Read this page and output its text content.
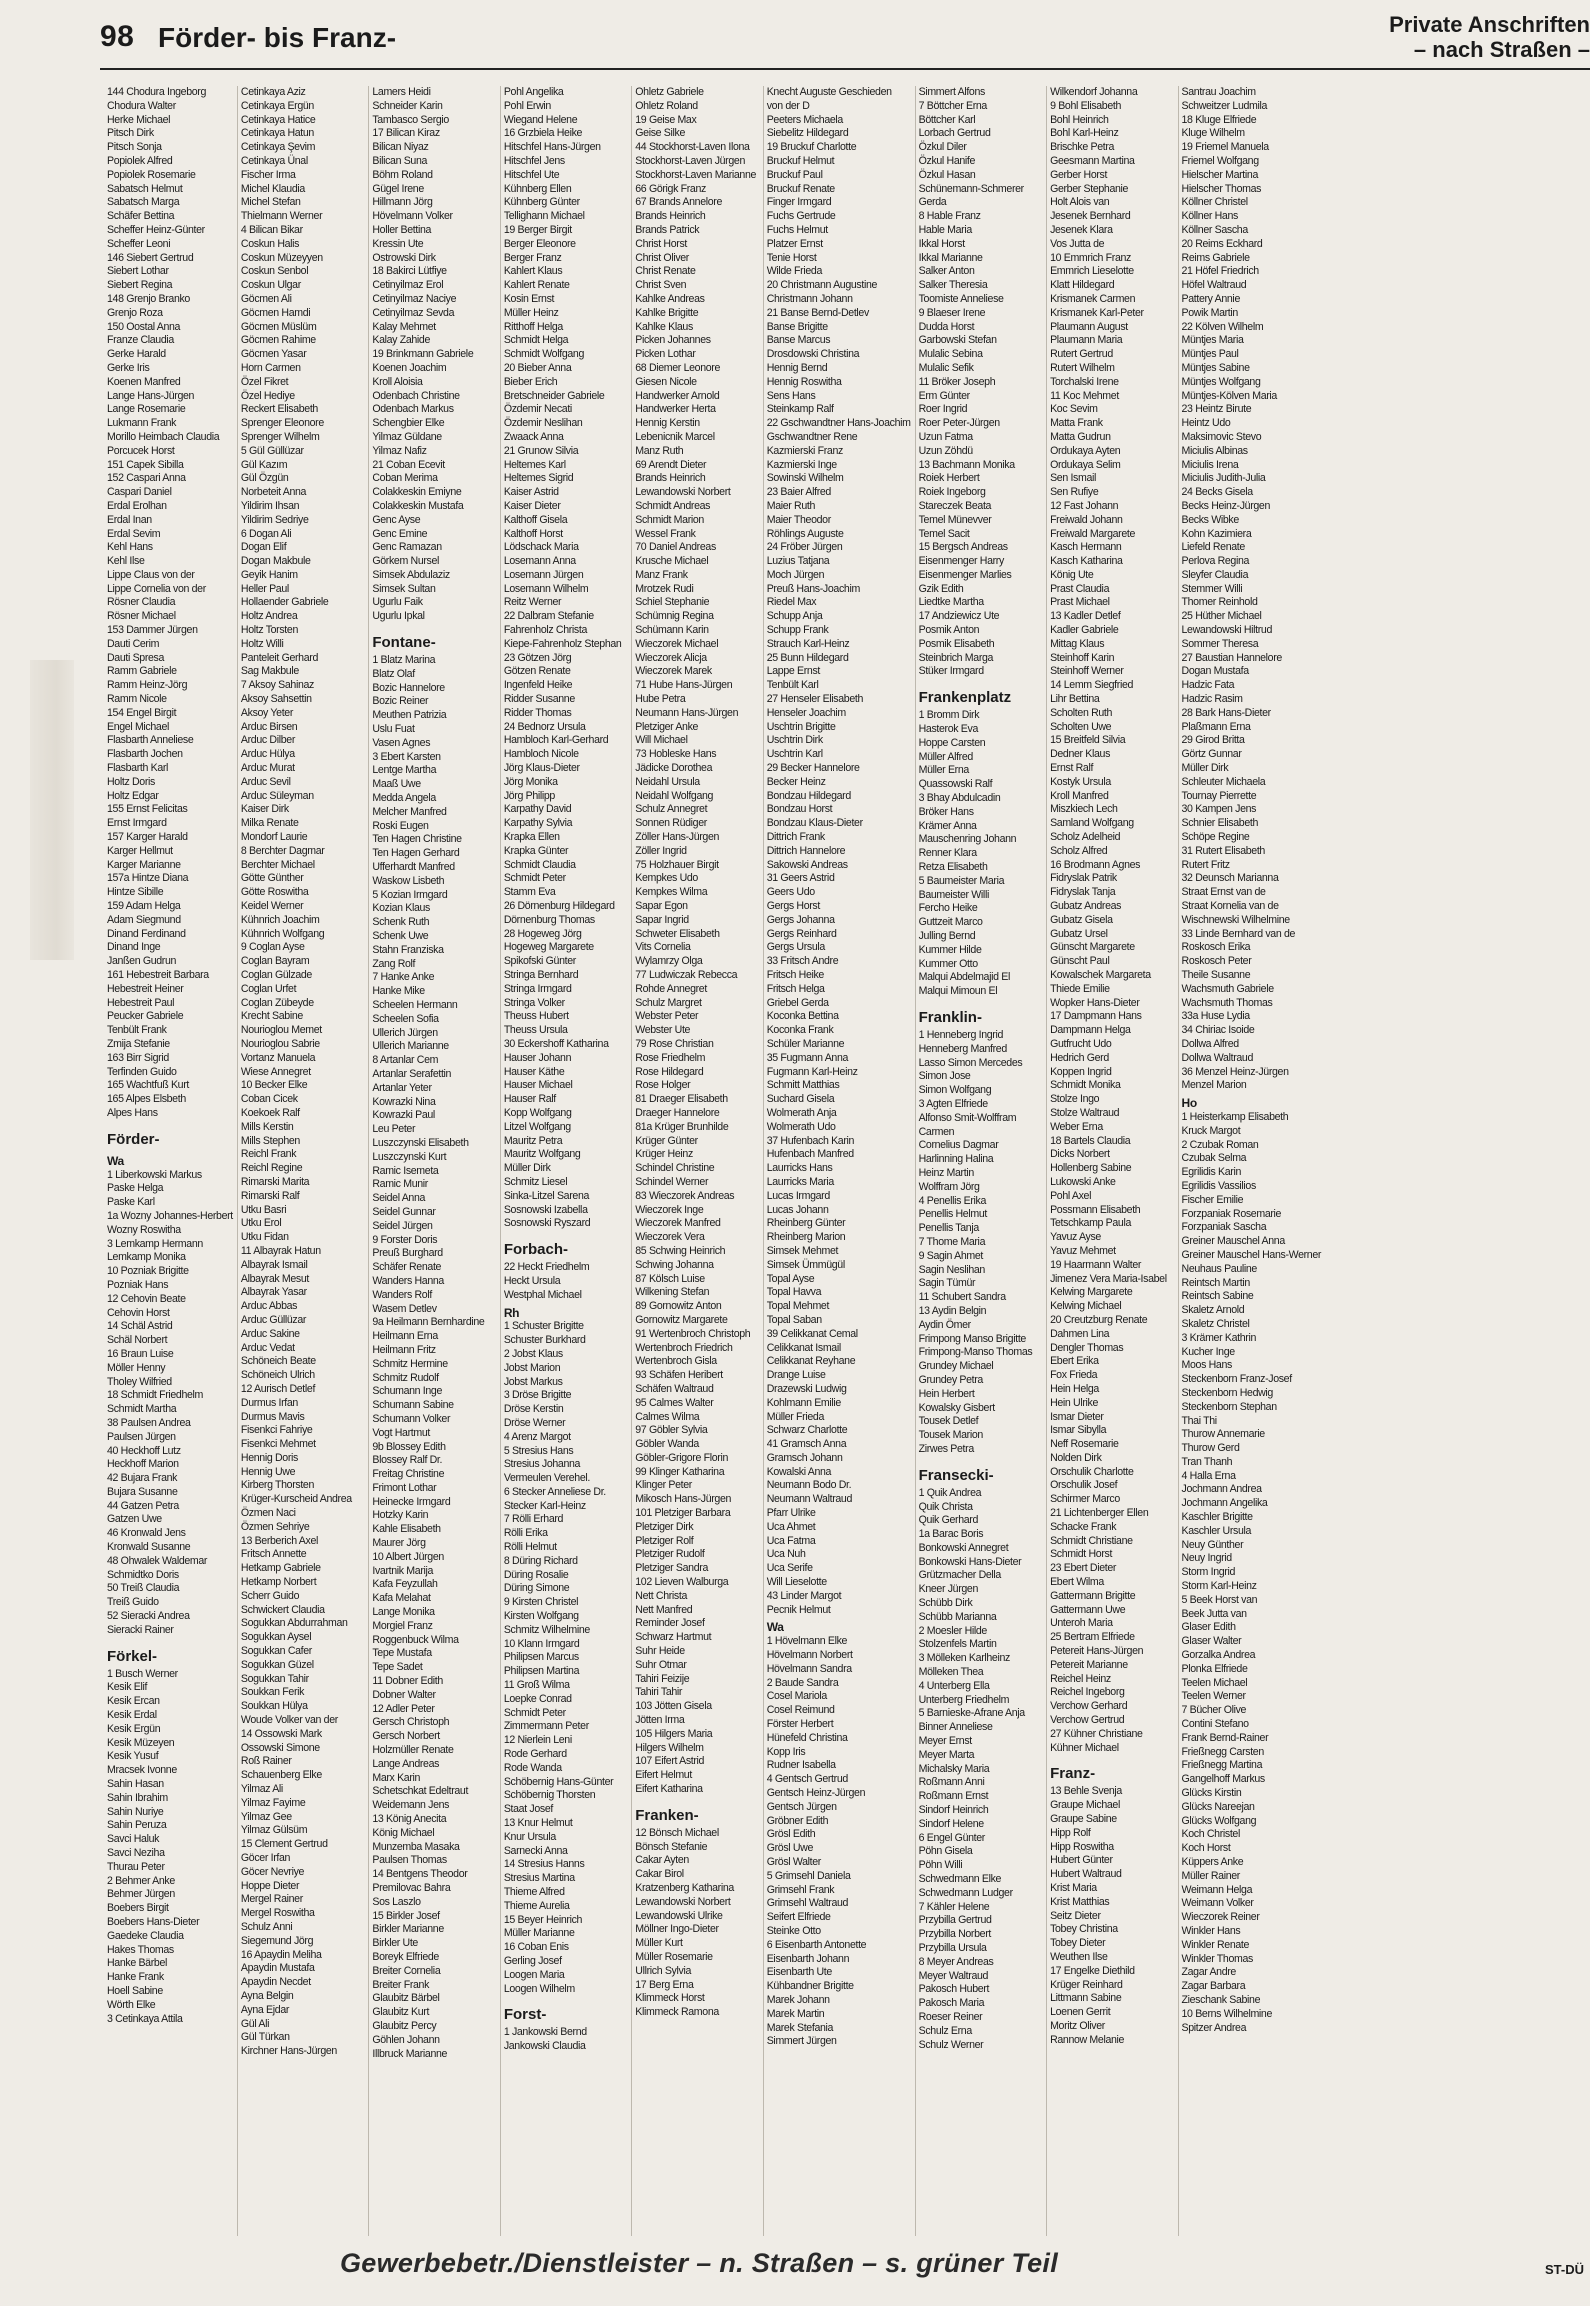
98 Förder- bis Franz-	Private Anschriften
– nach Straßen –
144 Chodura Ingeborg
Chodura Walter
Herke Michael
Pitsch Dirk
Pitsch Sonja
Popiolek Alfred
Popiolek Rosemarie
Sabatsch Helmut
Sabatsch Marga
Schäfer Bettina
Scheffer Heinz-Günter
Scheffer Leoni
146 Siebert Gertrud
Siebert Lothar
Siebert Regina
148 Grenjo Branko
Grenjo Roza
150 Oostal Anna
Franze Claudia
Gerke Harald
Gerke Iris
Koenen Manfred
Lange Hans-Jürgen
Lange Rosemarie
Lukmann Frank
Morillo Heimbach Claudia
Porcucek Horst
151 Capek Sibilla
152 Caspari Anna
Caspari Daniel
Erdal Erolhan
Erdal Inan
Erdal Sevim
Kehl Hans
Kehl Ilse
Lippe Claus von der
Lippe Cornelia von der
Rösner Claudia
Rösner Michael
153 Dammer Jürgen
Dauti Cerim
Dauti Spresa
Ramm Gabriele
Ramm Heinz-Jörg
Ramm Nicole
154 Engel Birgit
Engel Michael
Flasbarth Anneliese
Flasbarth Jochen
Flasbarth Karl
Holtz Doris
Holtz Edgar
155 Ernst Felicitas
Ernst Irmgard
157 Karger Harald
Karger Hellmut
Karger Marianne
157a Hintze Diana
Hintze Sibille
159 Adam Helga
Adam Siegmund
Dinand Ferdinand
Dinand Inge
Janßen Gudrun
161 Hebestreit Barbara
Hebestreit Heiner
Hebestreit Paul
Peucker Gabriele
Tenbült Frank
Zmija Stefanie
163 Birr Sigrid
Terfinden Guido
165 Wachtfuß Kurt
165 Alpes Elsbeth
Alpes Hans
Förder-
Wa
1 Liberkowski Markus
Paske Helga
Paske Karl
1a Wozny Johannes-Herbert
Wozny Roswitha
3 Lemkamp Hermann
Lemkamp Monika
10 Pozniak Brigitte
Pozniak Hans
12 Cehovin Beate
Cehovin Horst
14 Schäl Astrid
Schäl Norbert
16 Braun Luise
Möller Henny
Tholey Wilfried
18 Schmidt Friedhelm
Schmidt Martha
38 Paulsen Andrea
Paulsen Jürgen
40 Heckhoff Lutz
Heckhoff Marion
42 Bujara Frank
Bujara Susanne
44 Gatzen Petra
Gatzen Uwe
46 Kronwald Jens
Kronwald Susanne
48 Ohwalek Waldemar
Schmidtko Doris
50 Treiß Claudia
Treiß Guido
52 Sieracki Andrea
Sieracki Rainer
Förkel-
1 Busch Werner
Kesik Elif
Kesik Ercan
Kesik Erdal
Kesik Ergün
Kesik Müzeyen
Kesik Yusuf
Mracsek Ivonne
Sahin Hasan
Sahin Ibrahim
Sahin Nuriye
Sahin Peruza
Savci Haluk
Savci Neziha
Thurau Peter
2 Behmer Anke
Behmer Jürgen
Boebers Birgit
Boebers Hans-Dieter
Gaedeke Claudia
Hakes Thomas
Hanke Bärbel
Hanke Frank
Hoell Sabine
Wörth Elke
3 Cetinkaya Attila
Cetinkaya Aziz
Cetinkaya Ergün
Cetinkaya Hatice
Cetinkaya Hatun
Cetinkaya Şevim
Cetinkaya Ünal
Fischer Irma
Michel Klaudia
Michel Stefan
Thielmann Werner
4 Bilican Bikar
Coskun Halis
Coskun Müzeyyen
Coskun Senbol
Coskun Ulgar
Göcmen Ali
Göcmen Hamdi
Göcmen Müslüm
Göcmen Rahime
Göcmen Yasar
Horn Carmen
Özel Fikret
Özel Hediye
Reckert Elisabeth
Sprenger Eleonore
Sprenger Wilhelm
5 Gül Güllüzar
Gül Kazım
Gül Özgün
Norbeteit Anna
Yildirim Ihsan
Yildirim Sedriye
6 Dogan Ali
Dogan Elif
Dogan Makbule
Geyik Hanim
Heller Paul
Hollaender Gabriele
Holtz Andrea
Holtz Torsten
Holtz Willi
Panteleit Gerhard
Sag Makbule
7 Aksoy Sahinaz
Aksoy Sahsettin
Aksoy Yeter
Arduc Birsen
Arduc Dilber
Arduc Hülya
Arduc Murat
Arduc Sevil
Arduc Süleyman
Kaiser Dirk
Milka Renate
Mondorf Laurie
8 Berchter Dagmar
Berchter Michael
Götte Günther
Götte Roswitha
Keidel Werner
Kühnrich Joachim
Kühnrich Wolfgang
9 Coglan Ayse
Coglan Bayram
Coglan Gülzade
Coglan Urfet
Coglan Zübeyde
Krecht Sabine
Nourioglou Memet
Nourioglou Sabrie
Vortanz Manuela
Wiese Annegret
10 Becker Elke
Coban Cicek
Koekoek Ralf
Mills Kerstin
Mills Stephen
Reichl Frank
Reichl Regine
Rimarski Marita
Rimarski Ralf
Utku Basri
Utku Erol
Utku Fidan
11 Albayrak Hatun
Albayrak Ismail
Albayrak Mesut
Albayrak Yasar
Arduc Abbas
Arduc Güllüzar
Arduc Sakine
Arduc Vedat
Schöneich Beate
Schöneich Ulrich
12 Aurisch Detlef
Durmus Irfan
Durmus Mavis
Fisenkci Fahriye
Fisenkci Mehmet
Hennig Doris
Hennig Uwe
Kirberg Thorsten
Krüger-Kurscheid Andrea
Özmen Naci
Özmen Sehriye
13 Berberich Axel
Fritsch Annette
Hetkamp Gabriele
Hetkamp Norbert
Scherr Guido
Schwickert Claudia
Sogukkan Abdurrahman
Sogukkan Aysel
Sogukkan Cafer
Sogukkan Güzel
Sogukkan Tahir
Soukkan Ferik
Soukkan Hülya
Woude Volker van der
14 Ossowski Mark
Ossowski Simone
Roß Rainer
Schauenberg Elke
Yilmaz Ali
Yilmaz Fayime
Yilmaz Gee
Yilmaz Gülsüm
15 Clement Gertrud
Göcer Irfan
Göcer Nevriye
Hoppe Dieter
Mergel Rainer
Mergel Roswitha
Schulz Anni
Siegemund Jörg
16 Apaydin Meliha
Apaydin Mustafa
Apaydin Necdet
Ayna Belgin
Ayna Ejdar
Gül Ali
Gül Türkan
Kirchner Hans-Jürgen
Lamers Heidi
Schneider Karin
Tambasco Sergio
17 Bilican Kiraz
Bilican Niyaz
Bilican Suna
Böhm Roland
Gügel Irene
Hillmann Jörg
Hövelmann Volker
Holler Bettina
Kressin Ute
Ostrowski Dirk
18 Bakirci Lütfiye
Cetinyilmaz Erol
Cetinyilmaz Naciye
Cetinyilmaz Sevda
Kalay Mehmet
Kalay Zahide
19 Brinkmann Gabriele
Koenen Joachim
Kroll Aloisia
Odenbach Christine
Odenbach Markus
Schengbier Elke
Yilmaz Güldane
Yilmaz Nafiz
21 Coban Ecevit
Coban Merima
Colakkeskin Emiyne
Colakkeskin Mustafa
Genc Ayse
Genc Emine
Genc Ramazan
Görkem Nursel
Simsek Abdulaziz
Simsek Sultan
Ugurlu Faik
Ugurlu Ipkal
Fontane-
1 Blatz Marina
Blatz Olaf
Bozic Hannelore
Bozic Reiner
Meuthen Patrizia
Uslu Fuat
Vasen Agnes
3 Ebert Karsten
Lentge Martha
Maaß Uwe
Medda Angela
Melcher Manfred
Roski Eugen
Ten Hagen Christine
Ten Hagen Gerhard
Ufferhardt Manfred
Waskow Lisbeth
5 Kozian Irmgard
Kozian Klaus
Schenk Ruth
Schenk Uwe
Stahn Franziska
Zang Rolf
7 Hanke Anke
Hanke Mike
Scheelen Hermann
Scheelen Sofia
Ullerich Jürgen
Ullerich Marianne
8 Artanlar Cem
Artanlar Serafettin
Artanlar Yeter
Kowrazki Nina
Kowrazki Paul
Leu Peter
Luszczynski Elisabeth
Luszczynski Kurt
Ramic Isemeta
Ramic Munir
Seidel Anna
Seidel Gunnar
Seidel Jürgen
9 Forster Doris
Preuß Burghard
Schäfer Renate
Wanders Hanna
Wanders Rolf
Wasem Detlev
9a Heilmann Bernhardine
Heilmann Erna
Heilmann Fritz
Schmitz Hermine
Schmitz Rudolf
Schumann Inge
Schumann Sabine
Schumann Volker
Vogt Hartmut
9b Blossey Edith
Blossey Ralf Dr.
Freitag Christine
Frimont Lothar
Heinecke Irmgard
Hotzky Karin
Kahle Elisabeth
Maurer Jörg
10 Albert Jürgen
Ivartnik Marija
Kafa Feyzullah
Kafa Melahat
Lange Monika
Morgiel Franz
Roggenbuck Wilma
Tepe Mustafa
Tepe Sadet
11 Dobner Edith
Dobner Walter
12 Adler Peter
Gersch Christoph
Gersch Norbert
Holzmüller Renate
Lange Andreas
Marx Karin
Schetschkat Edeltraut
Weidemann Jens
13 König Anecita
König Michael
Munzemba Masaka
Paulsen Thomas
14 Bentgens Theodor
Premilovac Bahra
Sos Laszlo
15 Birkler Josef
Birkler Marianne
Birkler Ute
Boreyk Elfriede
Breiter Cornelia
Breiter Frank
Glaubitz Bärbel
Glaubitz Kurt
Glaubitz Percy
Göhlen Johann
Illbruck Marianne
Pohl Angelika
Pohl Erwin
Wiegand Helene
16 Grzbiela Heike
Hitschfel Hans-Jürgen
Hitschfel Jens
Hitschfel Ute
Kühnberg Ellen
Kühnberg Günter
Tellighann Michael
19 Berger Birgit
Berger Eleonore
Berger Franz
Kahlert Klaus
Kahlert Renate
Kosin Ernst
Müller Heinz
Ritthoff Helga
Schmidt Helga
Schmidt Wolfgang
20 Bieber Anna
Bieber Erich
Bretschneider Gabriele
Özdemir Necati
Özdemir Neslihan
Zwaack Anna
21 Grunow Silvia
Heltemes Karl
Heltemes Sigrid
Kaiser Astrid
Kaiser Dieter
Kalthoff Gisela
Kalthoff Horst
Lödschack Maria
Losemann Anna
Losemann Jürgen
Losemann Wilhelm
Reitz Werner
22 Dalbram Stefanie
Fahrenholz Christa
Kiepe-Fahrenholz Stephan
23 Götzen Jörg
Götzen Renate
Ingenfeld Heike
Ridder Susanne
Ridder Thomas
24 Bednorz Ursula
Hambloch Karl-Gerhard
Hambloch Nicole
Jörg Klaus-Dieter
Jörg Monika
Jörg Philipp
Karpathy David
Karpathy Sylvia
Krapka Ellen
Krapka Günter
Schmidt Claudia
Schmidt Peter
Stamm Eva
26 Dörnenburg Hildegard
Dörnenburg Thomas
28 Hogeweg Jörg
Hogeweg Margarete
Spikofski Günter
Stringa Bernhard
Stringa Irmgard
Stringa Volker
Theuss Hubert
Theuss Ursula
30 Eckershoff Katharina
Hauser Johann
Hauser Käthe
Hauser Michael
Hauser Ralf
Kopp Wolfgang
Litzel Wolfgang
Mauritz Petra
Mauritz Wolfgang
Müller Dirk
Schmitz Liesel
Sinka-Litzel Sarena
Sosnowski Izabella
Sosnowski Ryszard
Forbach-
22 Heckt Friedhelm
Heckt Ursula
Westphal Michael
Rh
1 Schuster Brigitte
Schuster Burkhard
2 Jobst Klaus
Jobst Marion
Jobst Markus
3 Dröse Brigitte
Dröse Kerstin
Dröse Werner
4 Arenz Margot
5 Stresius Hans
Stresius Johanna
Vermeulen Verehel.
6 Stecker Anneliese Dr.
Stecker Karl-Heinz
7 Rölli Erhard
Rölli Erika
Rölli Helmut
8 Düring Richard
Düring Rosalie
Düring Simone
9 Kirsten Christel
Kirsten Wolfgang
Schmitz Wilhelmine
10 Klann Irmgard
Philipsen Marcus
Philipsen Martina
11 Groß Wilma
Loepke Conrad
Schmidt Peter
Zimmermann Peter
12 Nierlein Leni
Rode Gerhard
Rode Wanda
Schöbernig Hans-Günter
Schöbernig Thorsten
Staat Josef
13 Knur Helmut
Knur Ursula
Sarnecki Anna
14 Stresius Hanns
Stresius Martina
Thieme Alfred
Thieme Aurelia
15 Beyer Heinrich
Müller Marianne
16 Coban Enis
Gerling Josef
Loogen Maria
Loogen Wilhelm
Forst-
1 Jankowski Bernd
Jankowski Claudia
Ohletz Gabriele
Ohletz Roland
19 Geise Max
Geise Silke
44 Stockhorst-Laven Ilona
Stockhorst-Laven Jürgen
Stockhorst-Laven Marianne
66 Görigk Franz
67 Brands Annelore
Brands Heinrich
Brands Patrick
Christ Horst
Christ Oliver
Christ Renate
Christ Sven
Kahlke Andreas
Kahlke Brigitte
Kahlke Klaus
Picken Johannes
Picken Lothar
68 Diemer Leonore
Giesen Nicole
Handwerker Arnold
Handwerker Herta
Hennig Kerstin
Lebenicnik Marcel
Manz Ruth
69 Arendt Dieter
Brands Heinrich
Lewandowski Norbert
Schmidt Andreas
Schmidt Marion
Wessel Frank
70 Daniel Andreas
Krusche Michael
Manz Frank
Mrotzek Rudi
Schiel Stephanie
Schümnig Regina
Schümann Karin
Wieczorek Michael
Wieczorek Alicja
Wieczorek Marek
71 Hube Hans-Jürgen
Hube Petra
Neumann Hans-Jürgen
Pletziger Anke
Will Michael
73 Hobleske Hans
Jädicke Dorothea
Neidahl Ursula
Neidahl Wolfgang
Schulz Annegret
Sonnen Rüdiger
Zöller Hans-Jürgen
Zöller Ingrid
75 Holzhauer Birgit
Kempkes Udo
Kempkes Wilma
Sapar Egon
Sapar Ingrid
Schweter Elisabeth
Vits Cornelia
Wylamrzy Olga
77 Ludwiczak Rebecca
Rohde Annegret
Schulz Margret
Webster Peter
Webster Ute
79 Rose Christian
Rose Friedhelm
Rose Hildegard
Rose Holger
81 Draeger Elisabeth
Draeger Hannelore
81a Krüger Brunhilde
Krüger Günter
Krüger Heinz
Schindel Christine
Schindel Werner
83 Wieczorek Andreas
Wieczorek Inge
Wieczorek Manfred
Wieczorek Vera
85 Schwing Heinrich
Schwing Johanna
87 Kölsch Luise
Wilkening Stefan
89 Gornowitz Anton
Gornowitz Margarete
91 Wertenbroch Christoph
Wertenbroch Friedrich
Wertenbroch Gisla
93 Schäfen Heribert
Schäfen Waltraud
95 Calmes Walter
Calmes Wilma
97 Göbler Sylvia
Göbler Wanda
Göbler-Grigore Florin
99 Klinger Katharina
Klinger Peter
Mikosch Hans-Jürgen
101 Pletziger Barbara
Pletziger Dirk
Pletziger Rolf
Pletziger Rudolf
Pletziger Sandra
102 Lieven Walburga
Nett Christa
Nett Manfred
Reminder Josef
Schwarz Hartmut
Suhr Heide
Suhr Otmar
Tahiri Feizije
Tahiri Tahir
103 Jötten Gisela
Jötten Irma
105 Hilgers Maria
Hilgers Wilhelm
107 Eifert Astrid
Eifert Helmut
Eifert Katharina
Franken-
12 Bönsch Michael
Bönsch Stefanie
Cakar Ayten
Cakar Birol
Kratzenberg Katharina
Lewandowski Norbert
Lewandowski Ulrike
Möllner Ingo-Dieter
Müller Kurt
Müller Rosemarie
Ullrich Sylvia
17 Berg Erna
Klimmeck Horst
Klimmeck Ramona
Knecht Auguste Geschieden
von der D
Peeters Michaela
Siebelitz Hildegard
19 Bruckuf Charlotte
Bruckuf Helmut
Bruckuf Paul
Bruckuf Renate
Finger Irmgard
Fuchs Gertrude
Fuchs Helmut
Platzer Ernst
Tenie Horst
Wilde Frieda
20 Christmann Augustine
Christmann Johann
21 Banse Bernd-Detlev
Banse Brigitte
Banse Marcus
Drosdowski Christina
Hennig Bernd
Hennig Roswitha
Sens Hans
Steinkamp Ralf
22 Gschwandtner Hans-Joachim
Gschwandtner Rene
Kazmierski Franz
Kazmierski Inge
Sowinski Wilhelm
23 Baier Alfred
Maier Ruth
Maier Theodor
Röhlings Auguste
24 Fröber Jürgen
Luzius Tatjana
Moch Jürgen
Preuß Hans-Joachim
Riedel Max
Schupp Anja
Schupp Frank
Strauch Karl-Heinz
25 Bunn Hildegard
Lappe Ernst
Tenbült Karl
27 Henseler Elisabeth
Henseler Joachim
Uschtrin Brigitte
Uschtrin Dirk
Uschtrin Karl
29 Becker Hannelore
Becker Heinz
Bondzau Hildegard
Bondzau Horst
Bondzau Klaus-Dieter
Dittrich Frank
Dittrich Hannelore
Sakowski Andreas
31 Geers Astrid
Geers Udo
Gergs Horst
Gergs Johanna
Gergs Reinhard
Gergs Ursula
33 Fritsch Andre
Fritsch Heike
Fritsch Helga
Griebel Gerda
Koconka Bettina
Koconka Frank
Schüler Marianne
35 Fugmann Anna
Fugmann Karl-Heinz
Schmitt Matthias
Suchard Gisela
Wolmerath Anja
Wolmerath Udo
37 Hufenbach Karin
Hufenbach Manfred
Laurricks Hans
Laurricks Maria
Lucas Irmgard
Lucas Johann
Rheinberg Günter
Rheinberg Marion
Simsek Mehmet
Simsek Ümmügül
Topal Ayse
Topal Havva
Topal Mehmet
Topal Saban
39 Celikkanat Cemal
Celikkanat Ismail
Celikkanat Reyhane
Drange Luise
Drazewski Ludwig
Kohlmann Emilie
Müller Frieda
Schwarz Charlotte
41 Gramsch Anna
Gramsch Johann
Kowalski Anna
Neumann Bodo Dr.
Neumann Waltraud
Pfarr Ulrike
Uca Ahmet
Uca Fatma
Uca Nuh
Uca Serife
Will Lieselotte
43 Linder Margot
Pecnik Helmut
Wa
1 Hövelmann Elke
Hövelmann Norbert
Hövelmann Sandra
2 Baude Sandra
Cosel Mariola
Cosel Reimund
Förster Herbert
Hünefeld Christina
Kopp Iris
Rudner Isabella
4 Gentsch Gertrud
Gentsch Heinz-Jürgen
Gentsch Jürgen
Gröbner Edith
Grösl Edith
Grösl Uwe
Grösl Walter
5 Grimsehl Daniela
Grimsehl Frank
Grimsehl Waltraud
Seifert Elfriede
Steinke Otto
6 Eisenbarth Antonette
Eisenbarth Johann
Eisenbarth Ute
Kühbandner Brigitte
Marek Johann
Marek Martin
Marek Stefania
Simmert Jürgen
Simmert Alfons
7 Böttcher Erna
Böttcher Karl
Lorbach Gertrud
Özkul Diler
Özkul Hanife
Özkul Hasan
Schünemann-Schmerer
Gerda
8 Hable Franz
Hable Maria
Ikkal Horst
Ikkal Marianne
Salker Anton
Salker Theresia
Toomiste Anneliese
9 Blaeser Irene
Dudda Horst
Garbowski Stefan
Mulalic Sebina
Mulalic Sefik
11 Bröker Joseph
Erm Günter
Roer Ingrid
Roer Peter-Jürgen
Uzun Fatma
Uzun Zöhdü
13 Bachmann Monika
Roiek Herbert
Roiek Ingeborg
Stareczek Beata
Temel Münevver
Temel Sacit
15 Bergsch Andreas
Eisenmenger Harry
Eisenmenger Marlies
Gzik Edith
Liedtke Martha
17 Andziewicz Ute
Posmik Anton
Posmik Elisabeth
Steinbrich Marga
Stüker Irmgard
Frankenplatz
1 Bromm Dirk
Hasterok Eva
Hoppe Carsten
Müller Alfred
Müller Erna
Quassowski Ralf
3 Bhay Abdulcadin
Bröker Hans
Krämer Anna
Mauschenring Johann
Renner Klara
Retza Elisabeth
5 Baumeister Maria
Baumeister Willi
Fercho Heike
Guttzeit Marco
Julling Bernd
Kummer Hilde
Kummer Otto
Malqui Abdelmajid El
Malqui Mimoun El
Franklin-
1 Henneberg Ingrid
Henneberg Manfred
Lasso Simon Mercedes
Simon Jose
Simon Wolfgang
3 Agten Elfriede
Alfonso Smit-Wolffram
Carmen
Cornelius Dagmar
Harlinning Halina
Heinz Martin
Wolffram Jörg
4 Penellis Erika
Penellis Helmut
Penellis Tanja
7 Thome Maria
9 Sagin Ahmet
Sagin Neslihan
Sagin Tümür
11 Schubert Sandra
13 Aydin Belgin
Aydin Ömer
Frimpong Manso Brigitte
Frimpong-Manso Thomas
Grundey Michael
Grundey Petra
Hein Herbert
Kowalsky Gisbert
Tousek Detlef
Tousek Marion
Zirwes Petra
Fransecki-
1 Quik Andrea
Quik Christa
Quik Gerhard
1a Barac Boris
Bonkowski Annegret
Bonkowski Hans-Dieter
Grützmacher Della
Kneer Jürgen
Schübb Dirk
Schübb Marianna
2 Moesler Hilde
Stolzenfels Martin
3 Mölleken Karlheinz
Mölleken Thea
4 Unterberg Ella
Unterberg Friedhelm
5 Barnieske-Afrane Anja
Binner Anneliese
Meyer Ernst
Meyer Marta
Michalsky Maria
Roßmann Anni
Roßmann Ernst
Sindorf Heinrich
Sindorf Helene
6 Engel Günter
Pöhn Gisela
Pöhn Willi
Schwedmann Elke
Schwedmann Ludger
7 Kähler Helene
Przybilla Gertrud
Przybilla Norbert
Przybilla Ursula
8 Meyer Andreas
Meyer Waltraud
Pakosch Hubert
Pakosch Maria
Roeser Reiner
Schulz Erna
Schulz Werner
Wilkendorf Johanna
9 Bohl Elisabeth
Bohl Heinrich
Bohl Karl-Heinz
Brischke Petra
Geesmann Martina
Gerber Horst
Gerber Stephanie
Holt Alois van
Jesenek Bernhard
Jesenek Klara
Vos Jutta de
10 Emmrich Franz
Emmrich Lieselotte
Klatt Hildegard
Krismanek Carmen
Krismanek Karl-Peter
Plaumann August
Plaumann Maria
Rutert Gertrud
Rutert Wilhelm
Torchalski Irene
11 Koc Mehmet
Koc Sevim
Matta Frank
Matta Gudrun
Ordukaya Ayten
Ordukaya Selim
Sen Ismail
Sen Rufiye
12 Fast Johann
Freiwald Johann
Freiwald Margarete
Kasch Hermann
Kasch Katharina
König Ute
Prast Claudia
Prast Michael
13 Kadler Detlef
Kadler Gabriele
Mittag Klaus
Steinhoff Karin
Steinhoff Werner
14 Lemm Siegfried
Lihr Bettina
Scholten Ruth
Scholten Uwe
15 Breitfeld Silvia
Dedner Klaus
Ernst Ralf
Kostyk Ursula
Kroll Manfred
Miszkiech Lech
Samland Wolfgang
Scholz Adelheid
Scholz Alfred
16 Brodmann Agnes
Fidryslak Patrik
Fidryslak Tanja
Gubatz Andreas
Gubatz Gisela
Gubatz Ursel
Günscht Margarete
Günscht Paul
Kowalschek Margareta
Thiede Emilie
Wopker Hans-Dieter
17 Dampmann Hans
Dampmann Helga
Gutfrucht Udo
Hedrich Gerd
Koppen Ingrid
Schmidt Monika
Stolze Ingo
Stolze Waltraud
Weber Erna
18 Bartels Claudia
Dicks Norbert
Hollenberg Sabine
Lukowski Anke
Pohl Axel
Possmann Elisabeth
Tetschkamp Paula
Yavuz Ayse
Yavuz Mehmet
19 Haarmann Walter
Jimenez Vera Maria-Isabel
Kelwing Margarete
Kelwing Michael
20 Creutzburg Renate
Dahmen Lina
Dengler Thomas
Ebert Erika
Fox Frieda
Hein Helga
Hein Ulrike
Ismar Dieter
Ismar Sibylla
Neff Rosemarie
Nolden Dirk
Orschulik Charlotte
Orschulik Josef
Schirmer Marco
21 Lichtenberger Ellen
Schacke Frank
Schmidt Christiane
Schmidt Horst
23 Ebert Dieter
Ebert Wilma
Gattermann Brigitte
Gattermann Uwe
Unteroh Maria
25 Bertram Elfriede
Petereit Hans-Jürgen
Petereit Marianne
Reichel Heinz
Reichel Ingeborg
Verchow Gerhard
Verchow Gertrud
27 Kühner Christiane
Kühner Michael
Franz-
13 Behle Svenja
Graupe Michael
Graupe Sabine
Hipp Rolf
Hipp Roswitha
Hubert Günter
Hubert Waltraud
Krist Maria
Krist Matthias
Seitz Dieter
Tobey Christina
Tobey Dieter
Weuthen Ilse
17 Engelke Diethild
Krüger Reinhard
Littmann Sabine
Loenen Gerrit
Moritz Oliver
Rannow Melanie
Santrau Joachim
Schweitzer Ludmila
18 Kluge Elfriede
Kluge Wilhelm
19 Friemel Manuela
Friemel Wolfgang
Hielscher Martina
Hielscher Thomas
Köllner Christel
Köllner Hans
Köllner Sascha
20 Reims Eckhard
Reims Gabriele
21 Höfel Friedrich
Höfel Waltraud
Pattery Annie
Powik Martin
22 Kölven Wilhelm
Müntjes Maria
Müntjes Paul
Müntjes Sabine
Müntjes Wolfgang
Müntjes-Kölven Maria
23 Heintz Birute
Heintz Udo
Maksimovic Stevo
Miciulis Albinas
Miciulis Irena
Miciulis Judith-Julia
24 Becks Gisela
Becks Heinz-Jürgen
Becks Wibke
Kohn Kazimiera
Liefeld Renate
Perlova Regina
Sleyfer Claudia
Stemmer Willi
Thomer Reinhold
25 Hüther Michael
Lewandowski Hiltrud
Sommer Theresa
27 Baustian Hannelore
Dogan Mustafa
Hadzic Fata
Hadzic Rasim
28 Bark Hans-Dieter
Plaßmann Erna
29 Girod Britta
Görtz Gunnar
Müller Dirk
Schleuter Michaela
Tournay Pierrette
30 Kampen Jens
Schnier Elisabeth
Schöpe Regine
31 Rutert Elisabeth
Rutert Fritz
32 Deunsch Marianna
Straat Ernst van de
Straat Kornelia van de
Wischnewski Wilhelmine
33 Linde Bernhard van de
Roskosch Erika
Roskosch Peter
Theile Susanne
Wachsmuth Gabriele
Wachsmuth Thomas
33a Huse Lydia
34 Chiriac Isoide
Dollwa Alfred
Dollwa Waltraud
36 Menzel Heinz-Jürgen
Menzel Marion
Ho
1 Heisterkamp Elisabeth
Kruck Margot
2 Czubak Roman
Czubak Selma
Egrilidis Karin
Egrilidis Vassilios
Fischer Emilie
Forzpaniak Rosemarie
Forzpaniak Sascha
Greiner Mauschel Anna
Greiner Mauschel Hans-Werner
Neuhaus Pauline
Reintsch Martin
Reintsch Sabine
Skaletz Arnold
Skaletz Christel
3 Krämer Kathrin
Kucher Inge
Moos Hans
Steckenborn Franz-Josef
Steckenborn Hedwig
Steckenborn Stephan
Thai Thi
Thurow Annemarie
Thurow Gerd
Tran Thanh
4 Halla Erna
Jochmann Andrea
Jochmann Angelika
Kaschler Brigitte
Kaschler Ursula
Neuy Günther
Neuy Ingrid
Storm Ingrid
Storm Karl-Heinz
5 Beek Horst van
Beek Jutta van
Glaser Edith
Glaser Walter
Gorzalka Andrea
Plonka Elfriede
Teelen Michael
Teelen Werner
7 Bücher Olive
Contini Stefano
Frank Bernd-Rainer
Frießnegg Carsten
Frießnegg Martina
Gangelhoff Markus
Glücks Kirstin
Glücks Nareejan
Glücks Wolfgang
Koch Christel
Koch Horst
Küppers Anke
Müller Rainer
Weimann Helga
Weimann Volker
Wieczorek Reiner
Winkler Hans
Winkler Renate
Winkler Thomas
Zagar Andre
Zagar Barbara
Zieschank Sabine
10 Berns Wilhelmine
Spitzer Andrea
Gewerbebetr./Dienstleister – n. Straßen – s. grüner Teil	ST-DÜ
